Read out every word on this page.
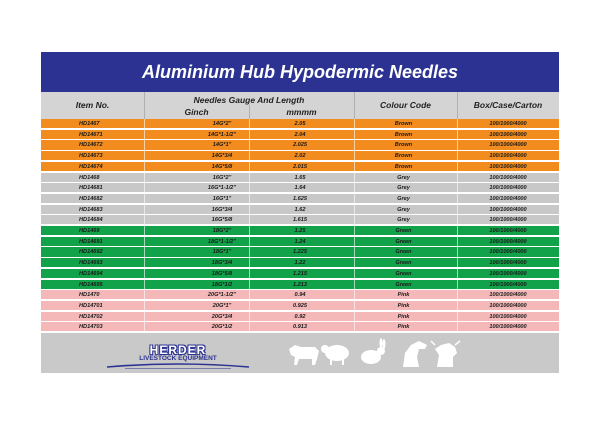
Aluminium Hub Hypodermic Needles
Item No.	Needles Gauge And Length
Ginch	mmmm
Colour Code	Box/Case/Carton
HD1467	14G*2"	2.05	Brown	100/1000/4000
HD14671	14G*1-1/2"	2.04	Brown	100/1000/4000
HD14672	14G*1"	2.025	Brown	100/1000/4000
HD14673	14G*3/4	2.02	Brown	100/1000/4000
HD14674	14G*5/8	2.015	Brown	100/1000/4000
HD1468	16G*2"	1.65	Grey	100/1000/4000
HD14681	16G*1-1/2"	1.64	Grey	100/1000/4000
HD14682	16G*1"	1.625	Grey	100/1000/4000
HD14683	16G*3/4	1.62	Grey	100/1000/4000
HD14684	16G*5/8	1.615	Grey	100/1000/4000
HD1469	18G*2"	1.25	Green	100/1000/4000
HD14691	18G*1-1/2"	1.24	Green	100/1000/4000
HD14692	18G*1"	1.225	Green	100/1000/4000
HD14693	18G*3/4	1.22	Green	100/1000/4000
HD14694	18G*5/8	1.215	Green	100/1000/4000
HD14695	18G*1/2	1.213	Green	100/1000/4000
HD1470	20G*1-1/2"	0.94	Pink	100/1000/4000
HD14701	20G*1"	0.925	Pink	100/1000/4000
HD14702	20G*3/4	0.92	Pink	100/1000/4000
HD14703	20G*1/2	0.913	Pink	100/1000/4000
HERDER
LIVESTOCK EQUIPMENT
